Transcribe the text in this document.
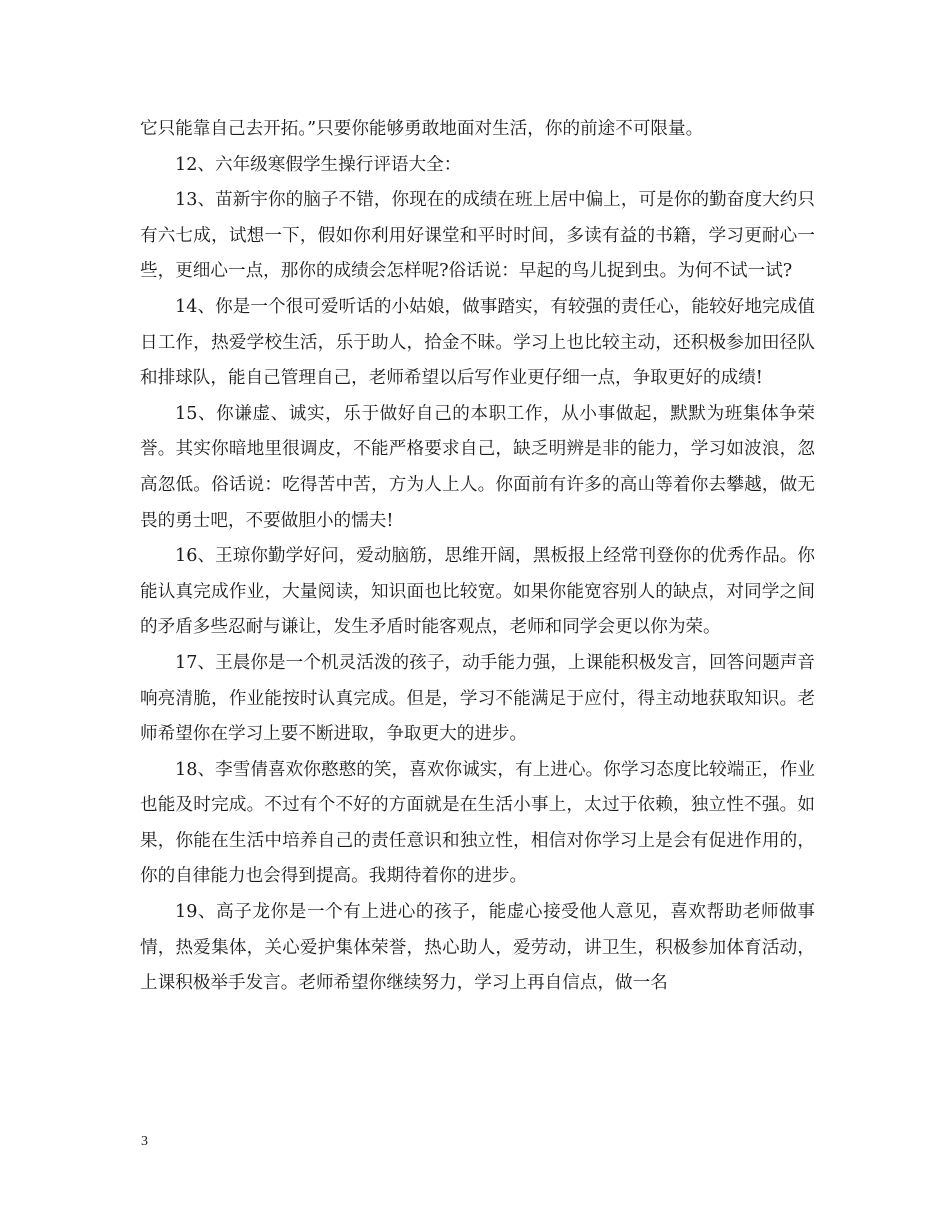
它只能靠自己去开拓。”只要你能够勇敢地面对生活，你的前途不可限量。

12、六年级寒假学生操行评语大全：

13、苗新宇你的脑子不错，你现在的成绩在班上居中偏上，可是你的勤奋度大约只有六七成，试想一下，假如你利用好课堂和平时时间，多读有益的书籍，学习更耐心一些，更细心一点，那你的成绩会怎样呢?俗话说：早起的鸟儿捉到虫。为何不试一试?

14、你是一个很可爱听话的小姑娘，做事踏实，有较强的责任心，能较好地完成值日工作，热爱学校生活，乐于助人，拾金不昧。学习上也比较主动，还积极参加田径队和排球队，能自己管理自己，老师希望以后写作业更仔细一点，争取更好的成绩!

15、你谦虚、诚实，乐于做好自己的本职工作，从小事做起，默默为班集体争荣誉。其实你暗地里很调皮，不能严格要求自己，缺乏明辨是非的能力，学习如波浪，忽高忽低。俗话说：吃得苦中苦，方为人上人。你面前有许多的高山等着你去攀越，做无畏的勇士吧，不要做胆小的懦夫!

16、王琼你勤学好问，爱动脑筋，思维开阔，黑板报上经常刊登你的优秀作品。你能认真完成作业，大量阅读，知识面也比较宽。如果你能宽容别人的缺点，对同学之间的矛盾多些忍耐与谦让，发生矛盾时能客观点，老师和同学会更以你为荣。

17、王晨你是一个机灵活泼的孩子，动手能力强，上课能积极发言，回答问题声音响亮清脆，作业能按时认真完成。但是，学习不能满足于应付，得主动地获取知识。老师希望你在学习上要不断进取，争取更大的进步。

18、李雪倩喜欢你憨憨的笑，喜欢你诚实，有上进心。你学习态度比较端正，作业也能及时完成。不过有个不好的方面就是在生活小事上，太过于依赖，独立性不强。如果，你能在生活中培养自己的责任意识和独立性，相信对你学习上是会有促进作用的，你的自律能力也会得到提高。我期待着你的进步。

19、高子龙你是一个有上进心的孩子，能虚心接受他人意见，喜欢帮助老师做事情，热爱集体，关心爱护集体荣誉，热心助人，爱劳动，讲卫生，积极参加体育活动，上课积极举手发言。老师希望你继续努力，学习上再自信点，做一名

3
